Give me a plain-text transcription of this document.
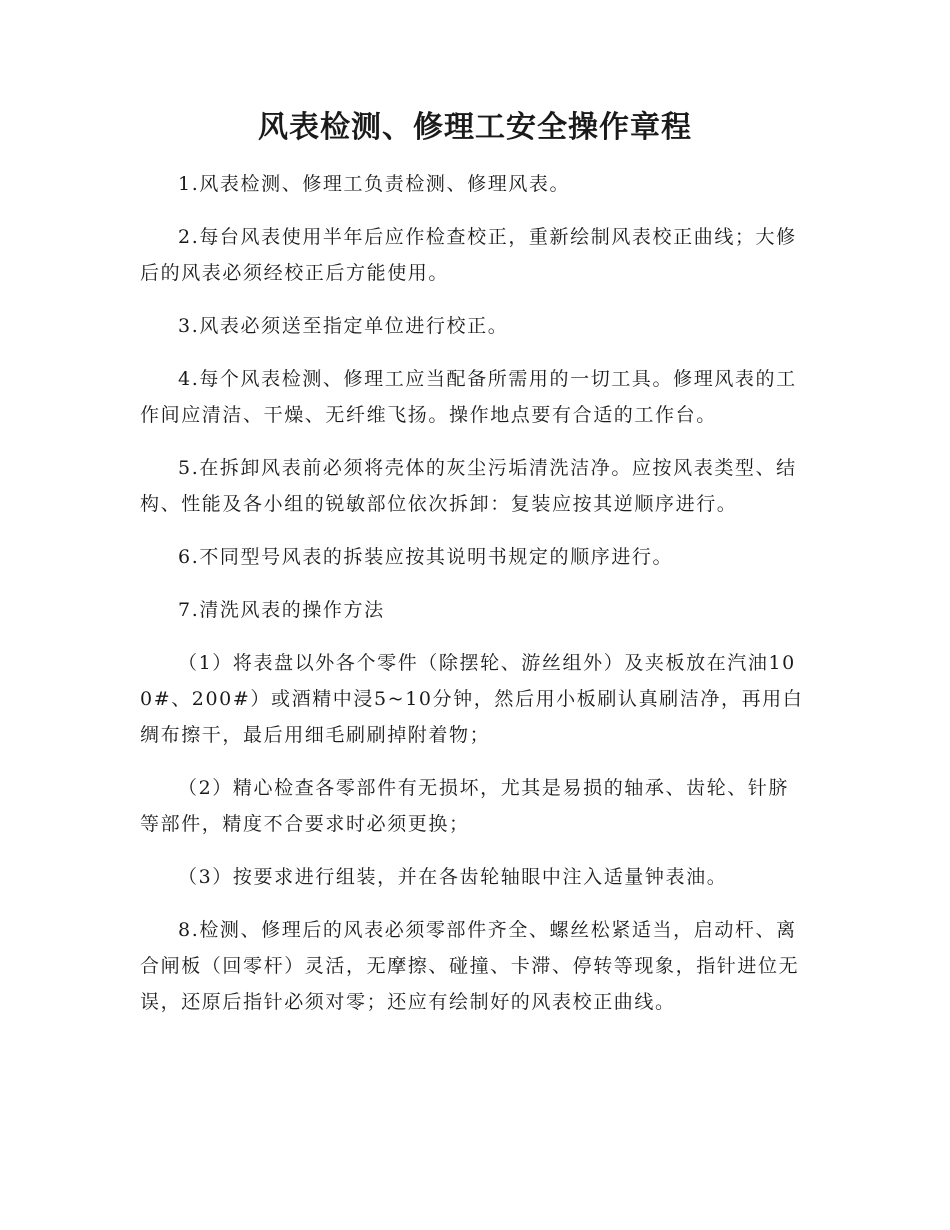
风表检测、修理工安全操作章程

1.风表检测、修理工负责检测、修理风表。

2.每台风表使用半年后应作检查校正，重新绘制风表校正曲线；大修后的风表必须经校正后方能使用。

3.风表必须送至指定单位进行校正。

4.每个风表检测、修理工应当配备所需用的一切工具。修理风表的工作间应清洁、干燥、无纤维飞扬。操作地点要有合适的工作台。

5.在拆卸风表前必须将壳体的灰尘污垢清洗洁净。应按风表类型、结构、性能及各小组的锐敏部位依次拆卸：复装应按其逆顺序进行。

6.不同型号风表的拆装应按其说明书规定的顺序进行。

7.清洗风表的操作方法

（1）将表盘以外各个零件（除摆轮、游丝组外）及夹板放在汽油100#、200#）或酒精中浸5~10分钟，然后用小板刷认真刷洁净，再用白绸布擦干，最后用细毛刷刷掉附着物；

（2）精心检查各零部件有无损坏，尤其是易损的轴承、齿轮、针脐等部件，精度不合要求时必须更换；

（3）按要求进行组装，并在各齿轮轴眼中注入适量钟表油。

8.检测、修理后的风表必须零部件齐全、螺丝松紧适当，启动杆、离合闸板（回零杆）灵活，无摩擦、碰撞、卡滞、停转等现象，指针进位无误，还原后指针必须对零；还应有绘制好的风表校正曲线。
